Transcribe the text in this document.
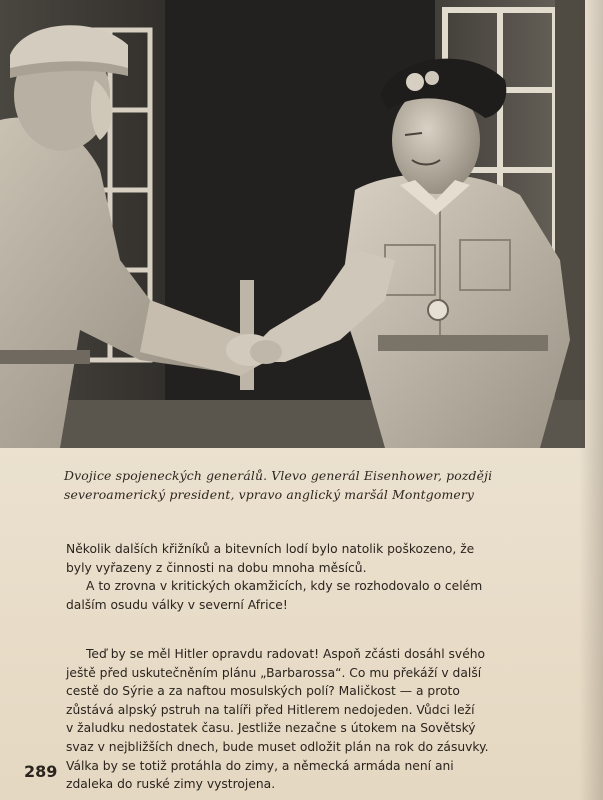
Dvojice spojeneckých generálů. Vlevo generál Eisenhower, později
severoamerický president, vpravo anglický maršál Montgomery
Několik dalších křižníků a bitevních lodí bylo natolik poškozeno, že
byly vyřazeny z činnosti na dobu mnoha měsíců.
A to zrovna v kritických okamžicích, kdy se rozhodovalo o celém
dalším osudu války v severní Africe!
Teď by se měl Hitler opravdu radovat! Aspoň zčásti dosáhl svého
ještě před uskutečněním plánu „Barbarossa“. Co mu překáží v další
cestě do Sýrie a za naftou mosulských polí? Maličkost — a proto
zůstává alpský pstruh na talíři před Hitlerem nedojeden. Vůdci leží
v žaludku nedostatek času. Jestliže nezačne s útokem na Sovětský
svaz v nejbližších dnech, bude muset odložit plán na rok do zásuvky.
Válka by se totiž protáhla do zimy, a německá armáda není ani
zdaleka do ruské zimy vystrojena.
289
